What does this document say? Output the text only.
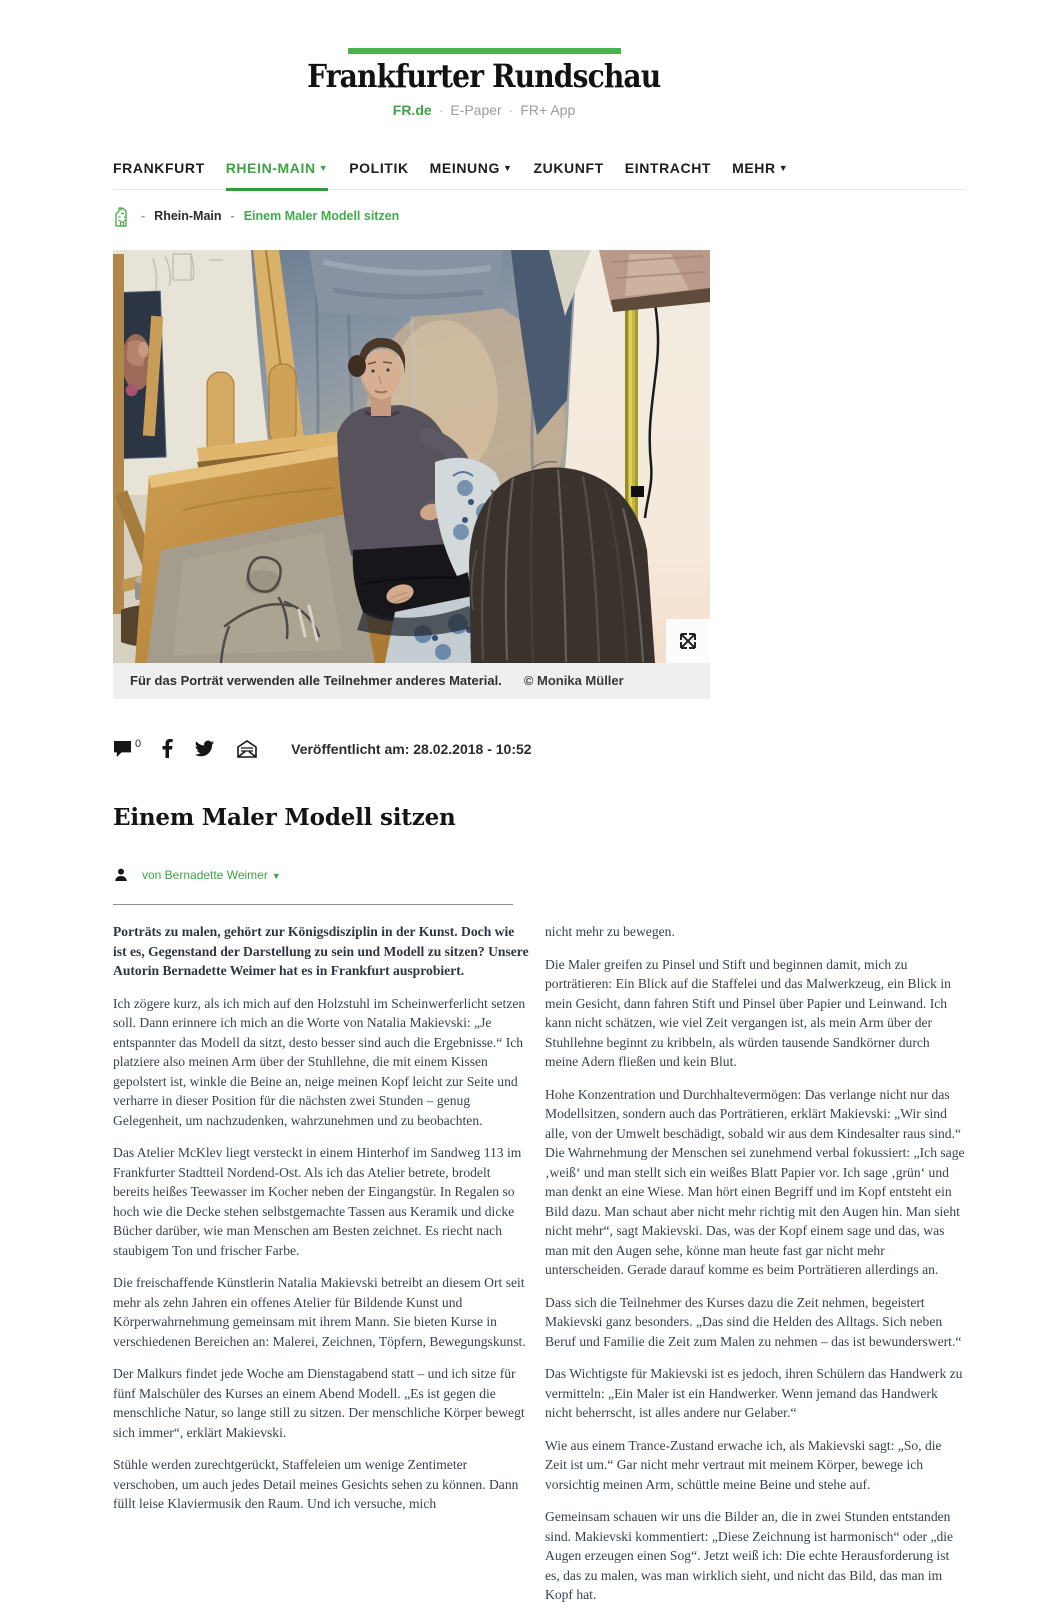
Frankfurter Rundschau
FR.de · E-Paper · FR+ App
FRANKFURT RHEIN-MAIN ▼ POLITIK MEINUNG ▼ ZUKUNFT EINTRACHT MEHR ▼
- Rhein-Main - Einem Maler Modell sitzen
Für das Porträt verwenden alle Teilnehmer anderes Material. © Monika Müller
0	Veröffentlicht am: 28.02.2018 - 10:52
Einem Maler Modell sitzen
von Bernadette Weimer ▼

Porträts zu malen, gehört zur Königsdisziplin in der Kunst. Doch wie ist es, Gegenstand der Darstellung zu sein und Modell zu sitzen? Unsere Autorin Bernadette Weimer hat es in Frankfurt ausprobiert.

Ich zögere kurz, als ich mich auf den Holzstuhl im Scheinwerferlicht setzen soll. Dann erinnere ich mich an die Worte von Natalia Makievski: „Je entspannter das Modell da sitzt, desto besser sind auch die Ergebnisse.“ Ich platziere also meinen Arm über der Stuhllehne, die mit einem Kissen gepolstert ist, winkle die Beine an, neige meinen Kopf leicht zur Seite und verharre in dieser Position für die nächsten zwei Stunden – genug Gelegenheit, um nachzudenken, wahrzunehmen und zu beobachten.

Das Atelier McKlev liegt versteckt in einem Hinterhof im Sandweg 113 im Frankfurter Stadtteil Nordend-Ost. Als ich das Atelier betrete, brodelt bereits heißes Teewasser im Kocher neben der Eingangstür. In Regalen so hoch wie die Decke stehen selbstgemachte Tassen aus Keramik und dicke Bücher darüber, wie man Menschen am Besten zeichnet. Es riecht nach staubigem Ton und frischer Farbe.

Die freischaffende Künstlerin Natalia Makievski betreibt an diesem Ort seit mehr als zehn Jahren ein offenes Atelier für Bildende Kunst und Körperwahrnehmung gemeinsam mit ihrem Mann. Sie bieten Kurse in verschiedenen Bereichen an: Malerei, Zeichnen, Töpfern, Bewegungskunst.

Der Malkurs findet jede Woche am Dienstagabend statt – und ich sitze für fünf Malschüler des Kurses an einem Abend Modell. „Es ist gegen die menschliche Natur, so lange still zu sitzen. Der menschliche Körper bewegt sich immer“, erklärt Makievski.

Stühle werden zurechtgerückt, Staffeleien um wenige Zentimeter verschoben, um auch jedes Detail meines Gesichts sehen zu können. Dann füllt leise Klaviermusik den Raum. Und ich versuche, mich

nicht mehr zu bewegen.

Die Maler greifen zu Pinsel und Stift und beginnen damit, mich zu porträtieren: Ein Blick auf die Staffelei und das Malwerkzeug, ein Blick in mein Gesicht, dann fahren Stift und Pinsel über Papier und Leinwand. Ich kann nicht schätzen, wie viel Zeit vergangen ist, als mein Arm über der Stuhllehne beginnt zu kribbeln, als würden tausende Sandkörner durch meine Adern fließen und kein Blut.

Hohe Konzentration und Durchhaltevermögen: Das verlange nicht nur das Modellsitzen, sondern auch das Porträtieren, erklärt Makievski: „Wir sind alle, von der Umwelt beschädigt, sobald wir aus dem Kindesalter raus sind.“ Die Wahrnehmung der Menschen sei zunehmend verbal fokussiert: „Ich sage ‚weiß‘ und man stellt sich ein weißes Blatt Papier vor. Ich sage ‚grün‘ und man denkt an eine Wiese. Man hört einen Begriff und im Kopf entsteht ein Bild dazu. Man schaut aber nicht mehr richtig mit den Augen hin. Man sieht nicht mehr“, sagt Makievski. Das, was der Kopf einem sage und das, was man mit den Augen sehe, könne man heute fast gar nicht mehr unterscheiden. Gerade darauf komme es beim Porträtieren allerdings an.

Dass sich die Teilnehmer des Kurses dazu die Zeit nehmen, begeistert Makievski ganz besonders. „Das sind die Helden des Alltags. Sich neben Beruf und Familie die Zeit zum Malen zu nehmen – das ist bewunderswert.“

Das Wichtigste für Makievski ist es jedoch, ihren Schülern das Handwerk zu vermitteln: „Ein Maler ist ein Handwerker. Wenn jemand das Handwerk nicht beherrscht, ist alles andere nur Gelaber.“

Wie aus einem Trance-Zustand erwache ich, als Makievski sagt: „So, die Zeit ist um.“ Gar nicht mehr vertraut mit meinem Körper, bewege ich vorsichtig meinen Arm, schüttle meine Beine und stehe auf.

Gemeinsam schauen wir uns die Bilder an, die in zwei Stunden entstanden sind. Makievski kommentiert: „Diese Zeichnung ist harmonisch“ oder „die Augen erzeugen einen Sog“. Jetzt weiß ich: Die echte Herausforderung ist es, das zu malen, was man wirklich sieht, und nicht das Bild, das man im Kopf hat.
